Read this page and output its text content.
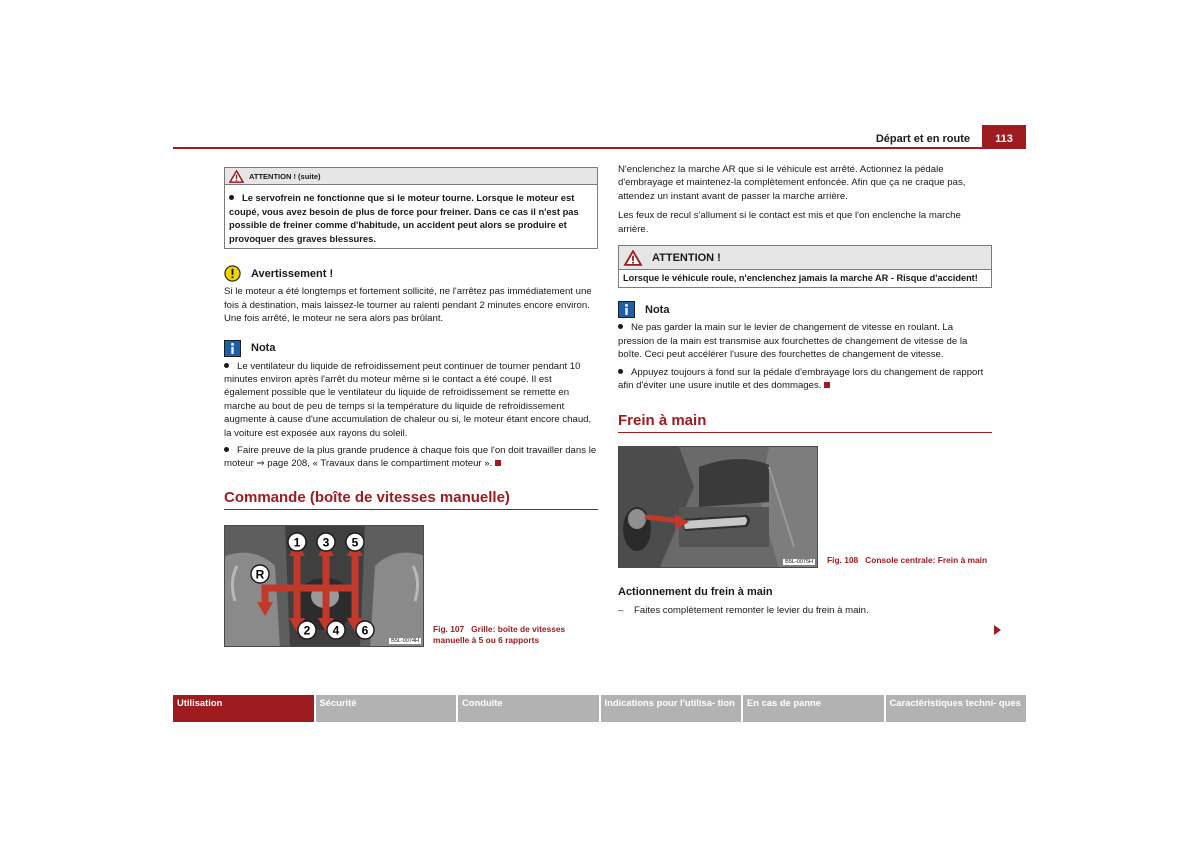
Départ et en route	113
ATTENTION ! (suite)
Le servofrein ne fonctionne que si le moteur tourne. Lorsque le moteur est coupé, vous avez besoin de plus de force pour freiner. Dans ce cas il n'est pas possible de freiner comme d'habitude, un accident peut alors se produire et provoquer des graves blessures.
Avertissement !

Si le moteur a été longtemps et fortement sollicité, ne l'arrêtez pas immédiatement une fois à destination, mais laissez-le tourner au ralenti pendant 2 minutes encore environ. Une fois arrêté, le moteur ne sera alors pas brûlant.

Nota

Le ventilateur du liquide de refroidissement peut continuer de tourner pendant 10 minutes environ après l'arrêt du moteur même si le contact a été coupé. Il est également possible que le ventilateur du liquide de refroidissement se remette en marche au bout de peu de temps si la température du liquide de refroidissement augmente à cause d'une accumulation de chaleur ou si, le moteur étant encore chaud, la voiture est exposée aux rayons du soleil.

Faire preuve de la plus grande prudence à chaque fois que l'on doit travailler dans le moteur ⇒ page 208, « Travaux dans le compartiment moteur ».

Commande (boîte de vitesses manuelle)
1 3 5
R
2 4 6
B5L-0074H
Fig. 107 Grille: boîte de vitesses manuelle à 5 ou 6 rapports

N'enclenchez la marche AR que si le véhicule est arrêté. Actionnez la pédale d'embrayage et maintenez-la complètement enfoncée. Afin que ça ne craque pas, attendez un instant avant de passer la marche arrière.

Les feux de recul s'allument si le contact est mis et que l'on enclenche la marche arrière.

ATTENTION !
Lorsque le véhicule roule, n'enclenchez jamais la marche AR - Risque d'accident!
Nota

Ne pas garder la main sur le levier de changement de vitesse en roulant. La pression de la main est transmise aux fourchettes de changement de vitesse de la boîte. Ceci peut accélérer l'usure des fourchettes de changement de vitesse.

Appuyez toujours à fond sur la pédale d'embrayage lors du changement de rapport afin d'éviter une usure inutile et des dommages.

Frein à main
B5L-0075H Fig. 108 Console centrale: Frein à main
Actionnement du frein à main

– Faites complètement remonter le levier du frein à main.

Utilisation	Sécurité	Conduite	Indications pour l'utilisa- tion	En cas de panne	Caractéristiques techni- ques
